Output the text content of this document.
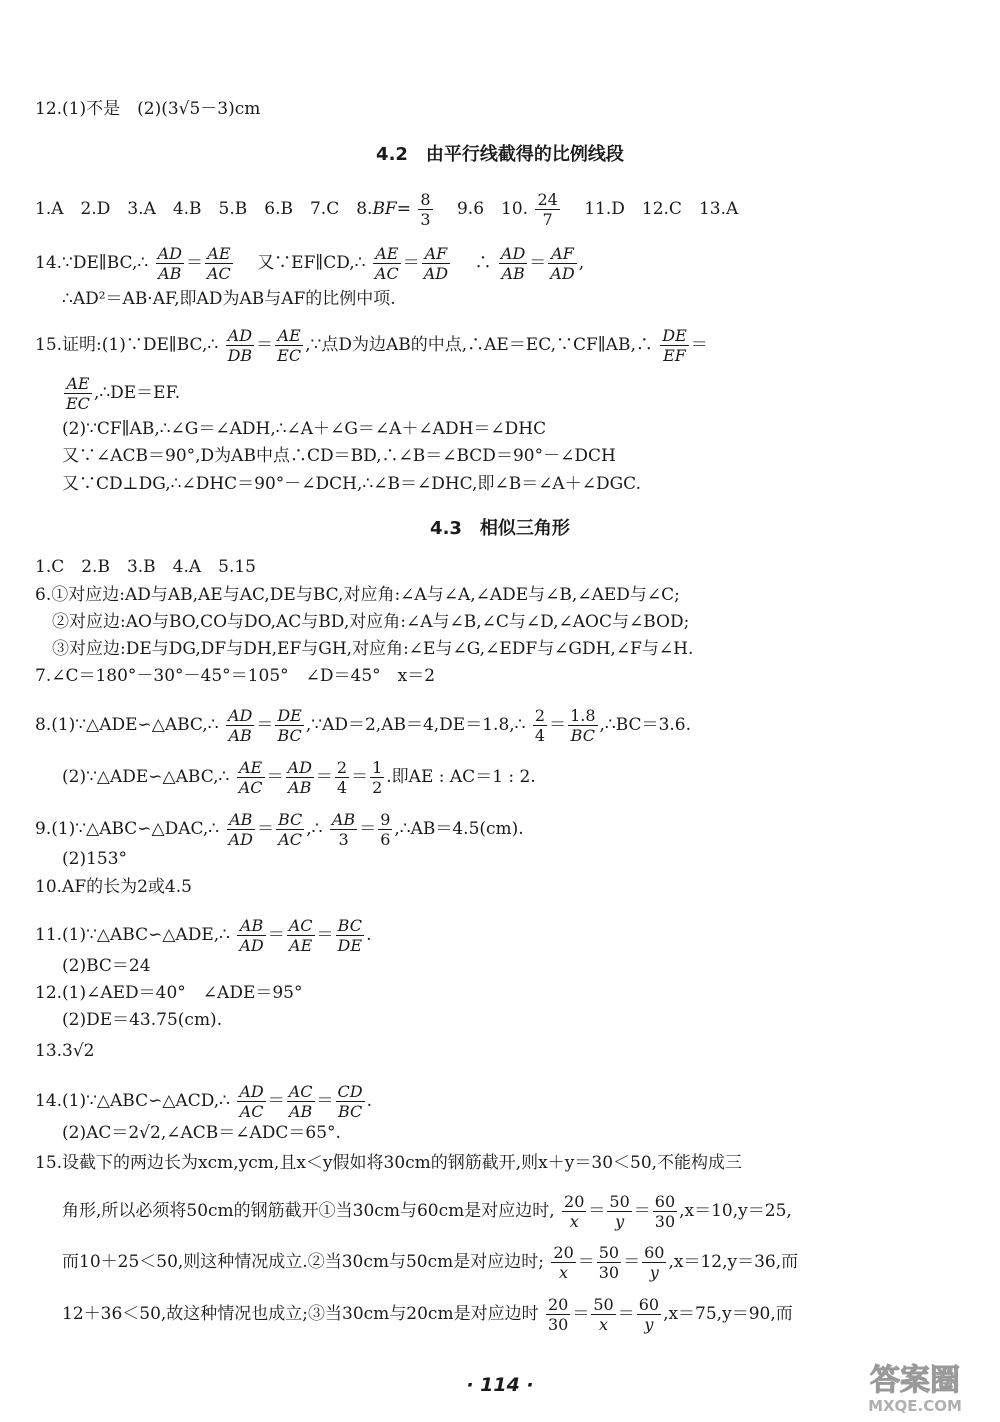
12.(1)不是　(2)(3√5－3)cm
4.2　由平行线截得的比例线段
1.A　2.D　3.A　4.B　5.B　6.B　7.C　$8.BF= \frac{8}{3}$ 　9.6　10. $\frac{24}{7}$ 　11.D　12.C　13.A
14.∵DE∥BC,∴ $\frac{AD}{AB} = \frac{AE}{AC}$
　 又∵EF∥CD,∴ $\frac{AE}{AC} = \frac{AF}{AD}$
　 ∴ $\frac{AD}{AB} = \frac{AF}{AD}$ ,
∴AD²＝AB·AF,即AD为AB与AF的比例中项.
15.证明:(1)∵DE∥BC,∴ $\frac{AD}{DB} = \frac{AE}{EC}$ ,∵点D为边AB的中点,∴AE＝EC,∵CF∥AB,∴ $\frac{DE}{EF}$ ＝
$\frac{AE}{EC}$ ,∴DE＝EF.
(2)∵CF∥AB,∴∠G＝∠ADH,∴∠A＋∠G＝∠A＋∠ADH＝∠DHC
又∵∠ACB＝90°,D为AB中点∴CD＝BD,∴∠B＝∠BCD＝90°－∠DCH
又∵CD⊥DG,∴∠DHC＝90°－∠DCH,∴∠B＝∠DHC,即∠B＝∠A＋∠DGC.
4.3　相似三角形
1.C　2.B　3.B　4.A　5.15
6.①对应边:AD与AB,AE与AC,DE与BC,对应角:∠A与∠A,∠ADE与∠B,∠AED与∠C;
②对应边:AO与BO,CO与DO,AC与BD,对应角:∠A与∠B,∠C与∠D,∠AOC与∠BOD;
③对应边:DE与DG,DF与DH,EF与GH,对应角:∠E与∠G,∠EDF与∠GDH,∠F与∠H.
7.∠C＝180°－30°－45°＝105°　∠D＝45°　x＝2
8.(1)∵△ADE∽△ABC,∴ $\frac{AD}{AB} = \frac{DE}{BC}$ ,∵AD＝2,AB＝4,DE＝1.8,∴ $\frac{2}{4} = \frac{1.8}{BC}$ ,∴BC＝3.6.
(2)∵△ADE∽△ABC,∴ $\frac{AE}{AC} = \frac{AD}{AB} = \frac{2}{4} = \frac{1}{2}$ .即AE : AC＝1 : 2.
9.(1)∵△ABC∽△DAC,∴ $\frac{AB}{AD} = \frac{BC}{AC}$ ,∴ $\frac{AB}{3} = \frac{9}{6}$ ,∴AB＝4.5(cm).
(2)153°
10.AF的长为2或4.5
11.(1)∵△ABC∽△ADE,∴ $\frac{AB}{AD} = \frac{AC}{AE} = \frac{BC}{DE}$ .
(2)BC＝24
12.(1)∠AED＝40°　∠ADE＝95°
(2)DE＝43.75(cm).
13.3√2
14.(1)∵△ABC∽△ACD,∴ $\frac{AD}{AC} = \frac{AC}{AB} = \frac{CD}{BC}$ .
(2)AC＝2√2,∠ACB＝∠ADC＝65°.
15.设截下的两边长为xcm,ycm,且x＜y假如将30cm的钢筋截开,则x＋y＝30＜50,不能构成三
角形,所以必须将50cm的钢筋截开①当30cm与60cm是对应边时, $\frac{20}{x} = \frac{50}{y} = \frac{60}{30} ,x=10,y=25$,
而10＋25＜50,则这种情况成立.②当30cm与50cm是对应边时; $\frac{20}{x} = \frac{50}{30} = \frac{60}{y} ,x=12,y=36$,而
12＋36＜50,故这种情况也成立;③当30cm与20cm是对应边时 $\frac{20}{30} = \frac{50}{x} = \frac{60}{y} ,x=75,y=90$,而
· 114 ·	答案圈
MXQE.COM
